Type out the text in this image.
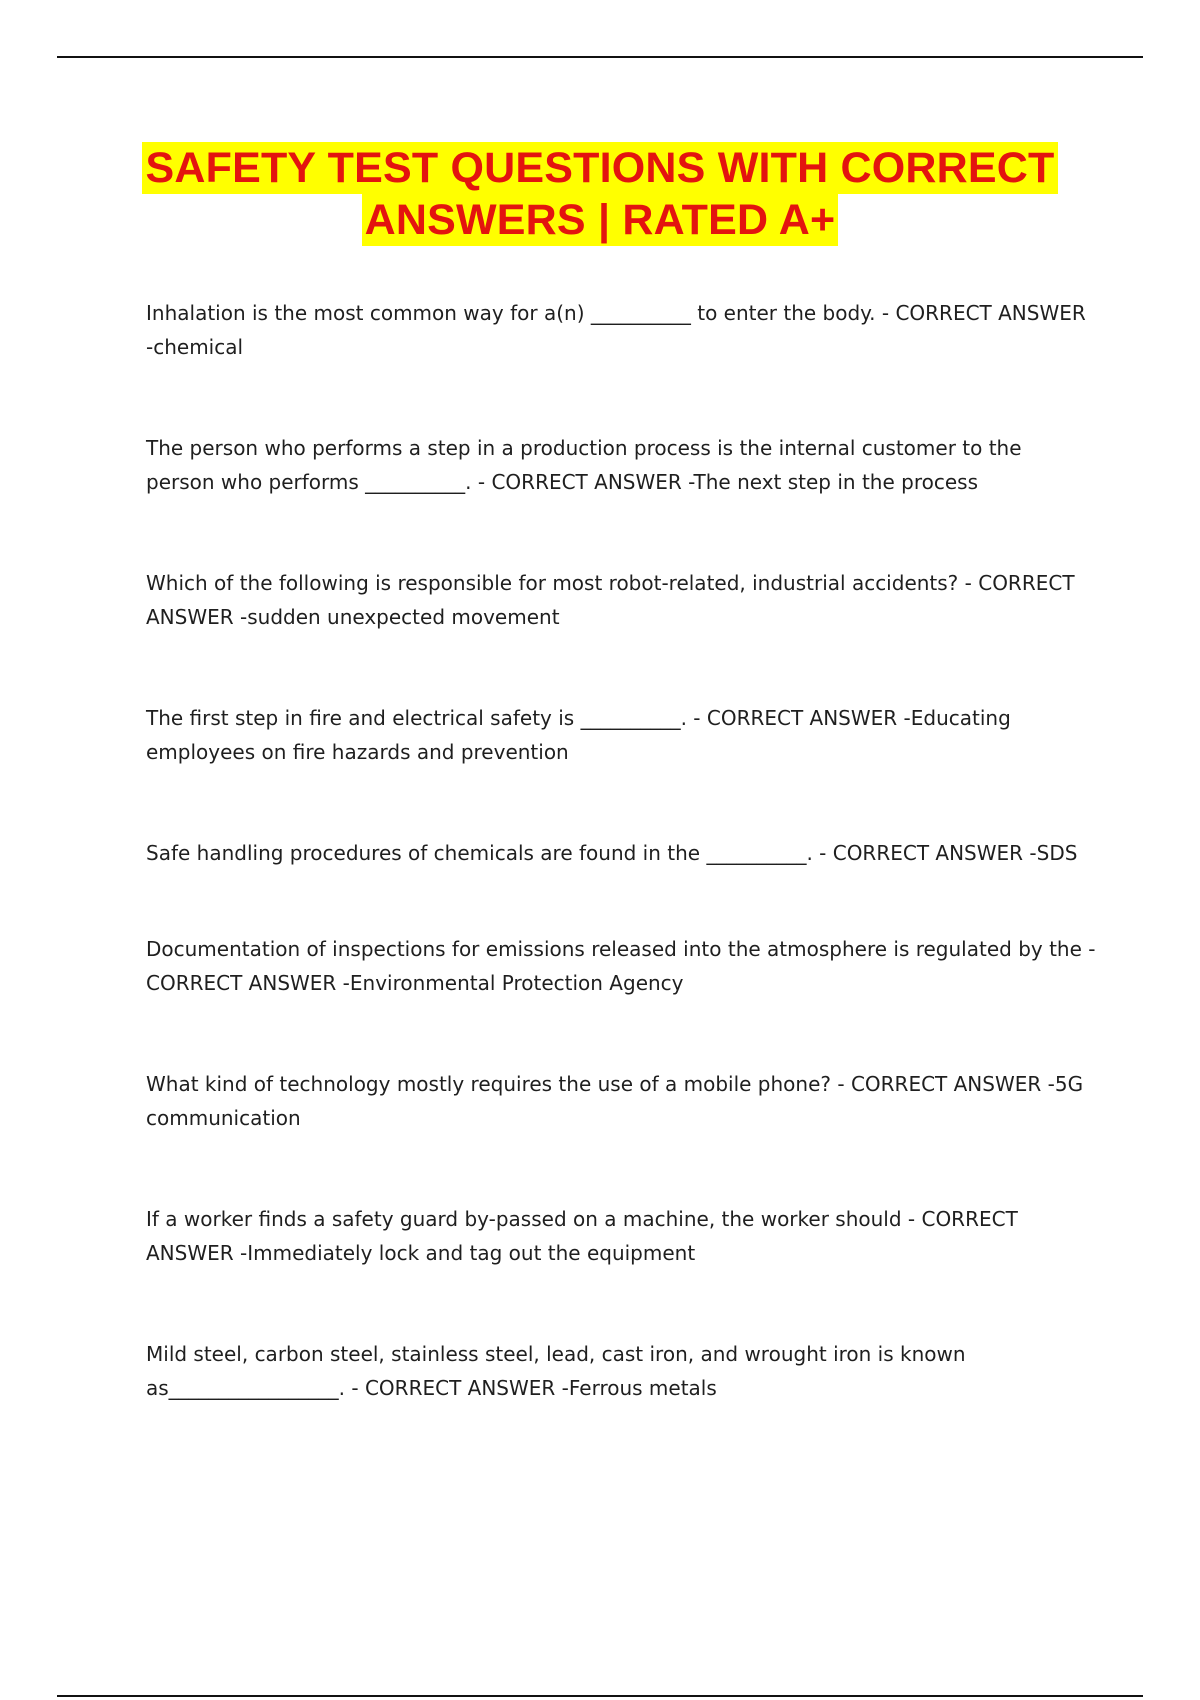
SAFETY TEST QUESTIONS WITH CORRECT
ANSWERS | RATED A+
Inhalation is the most common way for a(n) __________ to enter the body. - CORRECT ANSWER -chemical
The person who performs a step in a production process is the internal customer to the person who performs __________. - CORRECT ANSWER -The next step in the process
Which of the following is responsible for most robot-related, industrial accidents? - CORRECT ANSWER -sudden unexpected movement
The first step in fire and electrical safety is __________. - CORRECT ANSWER -Educating employees on fire hazards and prevention
Safe handling procedures of chemicals are found in the __________. - CORRECT ANSWER -SDS
Documentation of inspections for emissions released into the atmosphere is regulated by the - CORRECT ANSWER -Environmental Protection Agency
What kind of technology mostly requires the use of a mobile phone? - CORRECT ANSWER -5G communication
If a worker finds a safety guard by-passed on a machine, the worker should - CORRECT ANSWER -Immediately lock and tag out the equipment
Mild steel, carbon steel, stainless steel, lead, cast iron, and wrought iron is known as_________________. - CORRECT ANSWER -Ferrous metals
